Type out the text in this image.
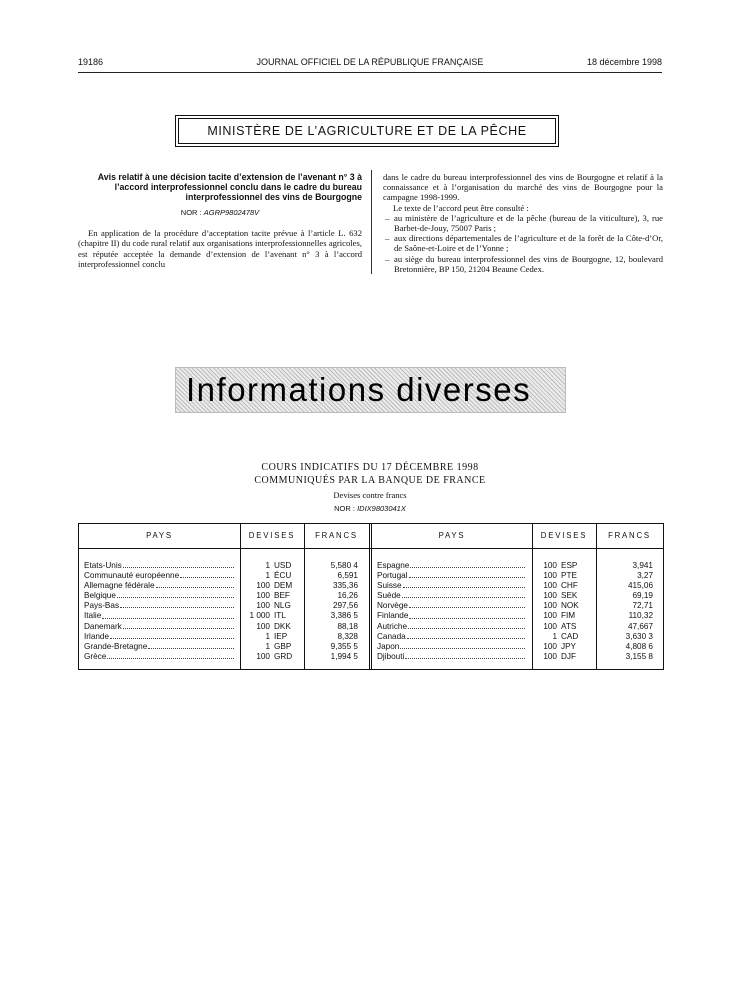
19186	JOURNAL OFFICIEL DE LA RÉPUBLIQUE FRANÇAISE	18 décembre 1998
MINISTÈRE DE L’AGRICULTURE ET DE LA PÊCHE
Avis relatif à une décision tacite d’extension de l’avenant n° 3 à l’accord interprofessionnel conclu dans le cadre du bureau interprofessionnel des vins de Bourgogne
NOR : AGRP9802478V

En application de la procédure d’acceptation tacite prévue à l’article L. 632 (chapitre II) du code rural relatif aux organisations interprofessionnelles agricoles, est réputée acceptée la demande d’extension de l’avenant n° 3 à l’accord interprofessionnel conclu

dans le cadre du bureau interprofessionnel des vins de Bourgogne et relatif à la connaissance et à l’organisation du marché des vins de Bourgogne pour la campagne 1998-1999.

Le texte de l’accord peut être consulté :

– au ministère de l’agriculture et de la pêche (bureau de la viticulture), 3, rue Barbet-de-Jouy, 75007 Paris ;
– aux directions départementales de l’agriculture et de la forêt de la Côte-d’Or, de Saône-et-Loire et de l’Yonne ;
– au siège du bureau interprofessionnel des vins de Bourgogne, 12, boulevard Bretonnière, BP 150, 21204 Beaune Cedex.
Informations diverses
COURS INDICATIFS DU 17 DÉCEMBRE 1998
COMMUNIQUÉS PAR LA BANQUE DE FRANCE
Devises contre francs
NOR : IDIX9803041X
PAYS	DEVISES	FRANCS	PAYS	DEVISES	FRANCS
Etats-Unis	1 USD	5,580 4
Communauté européenne	1 ÉCU	6,591
Allemagne fédérale	100 DEM	335,36
Belgique	100 BEF	16,26
Pays-Bas	100 NLG	297,56
Italie	1 000 ITL	3,386 5
Danemark	100 DKK	88,18
Irlande	1 IEP	8,328
Grande-Bretagne	1 GBP	9,355 5
Grèce	100 GRD	1,994 5
Espagne	100 ESP	3,941
Portugal	100 PTE	3,27
Suisse	100 CHF	415,06
Suède	100 SEK	69,19
Norvège	100 NOK	72,71
Finlande	100 FIM	110,32
Autriche	100 ATS	47,667
Canada	1 CAD	3,630 3
Japon	100 JPY	4,808 6
Djibouti	100 DJF	3,155 8
